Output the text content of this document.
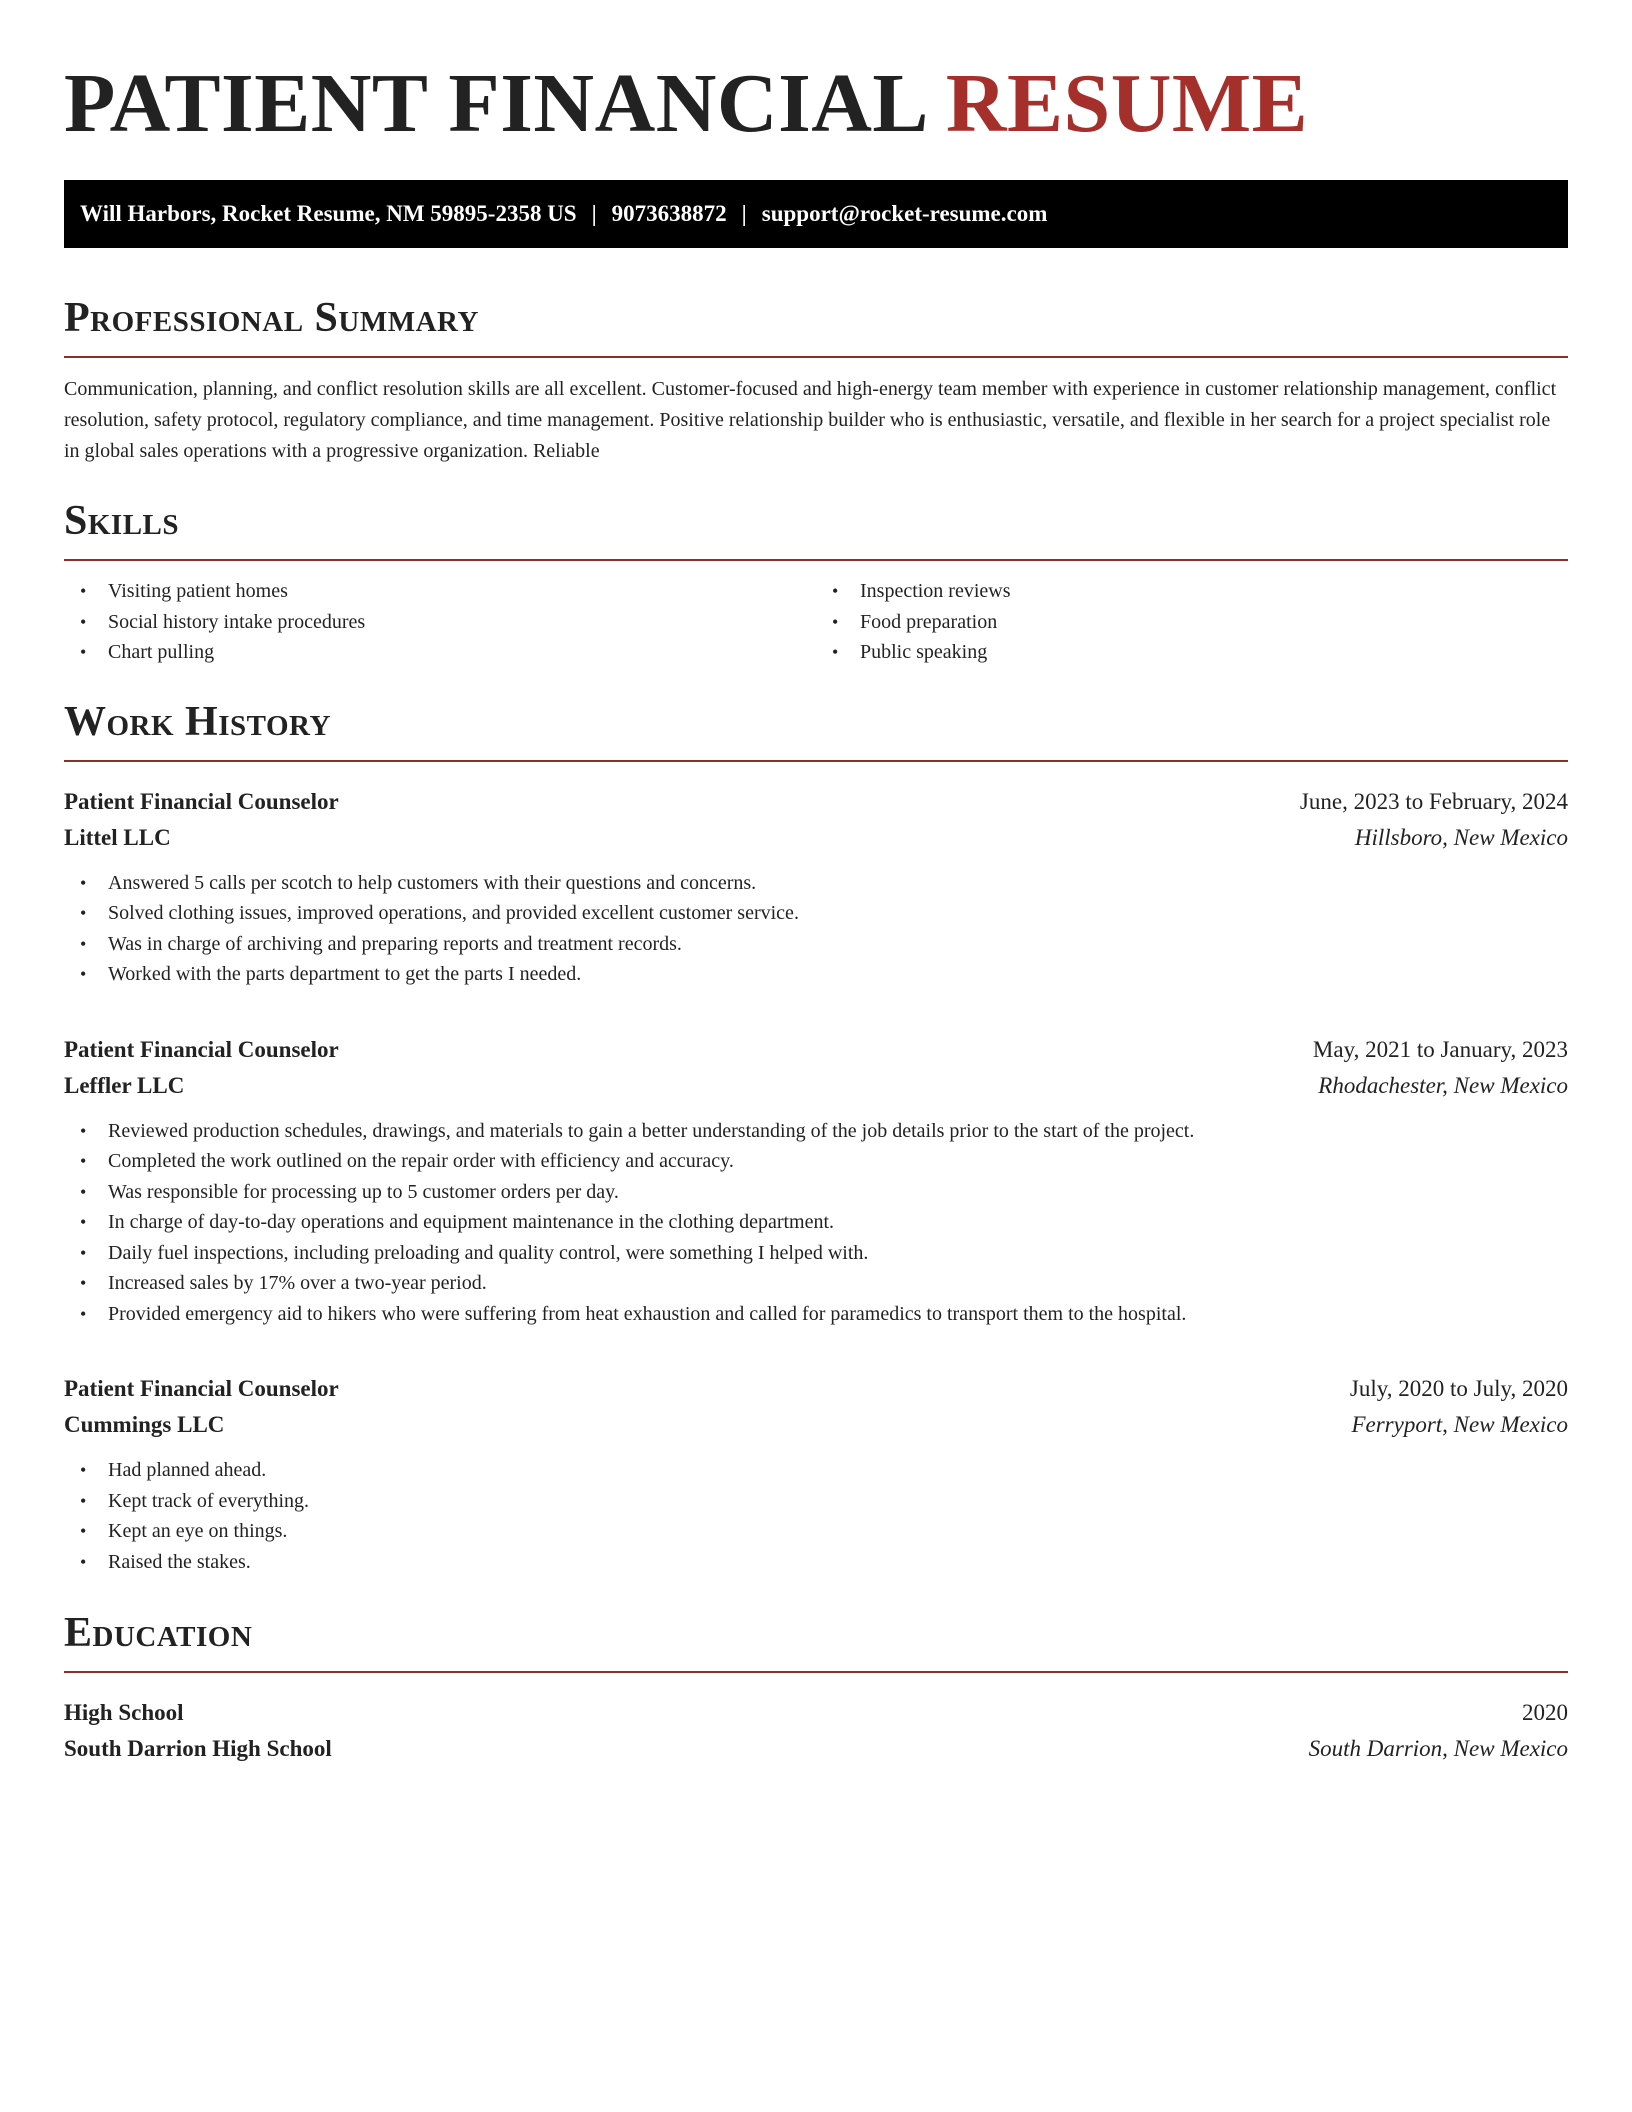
PATIENT FINANCIAL RESUME
Will Harbors, Rocket Resume, NM 59895-2358 US | 9073638872 | support@rocket-resume.com
Professional Summary

Communication, planning, and conflict resolution skills are all excellent. Customer-focused and high-energy team member with experience in customer relationship management, conflict resolution, safety protocol, regulatory compliance, and time management. Positive relationship builder who is enthusiastic, versatile, and flexible in her search for a project specialist role in global sales operations with a progressive organization. Reliable

Skills
• Visiting patient homes
• Social history intake procedures
• Chart pulling
• Inspection reviews
• Food preparation
• Public speaking
Work History
Patient Financial Counselor	June, 2023 to February, 2024
Littel LLC	Hillsboro, New Mexico
• Answered 5 calls per scotch to help customers with their questions and concerns.
• Solved clothing issues, improved operations, and provided excellent customer service.
• Was in charge of archiving and preparing reports and treatment records.
• Worked with the parts department to get the parts I needed.
Patient Financial Counselor	May, 2021 to January, 2023
Leffler LLC	Rhodachester, New Mexico
• Reviewed production schedules, drawings, and materials to gain a better understanding of the job details prior to the start of the project.
• Completed the work outlined on the repair order with efficiency and accuracy.
• Was responsible for processing up to 5 customer orders per day.
• In charge of day-to-day operations and equipment maintenance in the clothing department.
• Daily fuel inspections, including preloading and quality control, were something I helped with.
• Increased sales by 17% over a two-year period.
• Provided emergency aid to hikers who were suffering from heat exhaustion and called for paramedics to transport them to the hospital.
Patient Financial Counselor	July, 2020 to July, 2020
Cummings LLC	Ferryport, New Mexico
• Had planned ahead.
• Kept track of everything.
• Kept an eye on things.
• Raised the stakes.
Education
High School	2020
South Darrion High School	South Darrion, New Mexico
